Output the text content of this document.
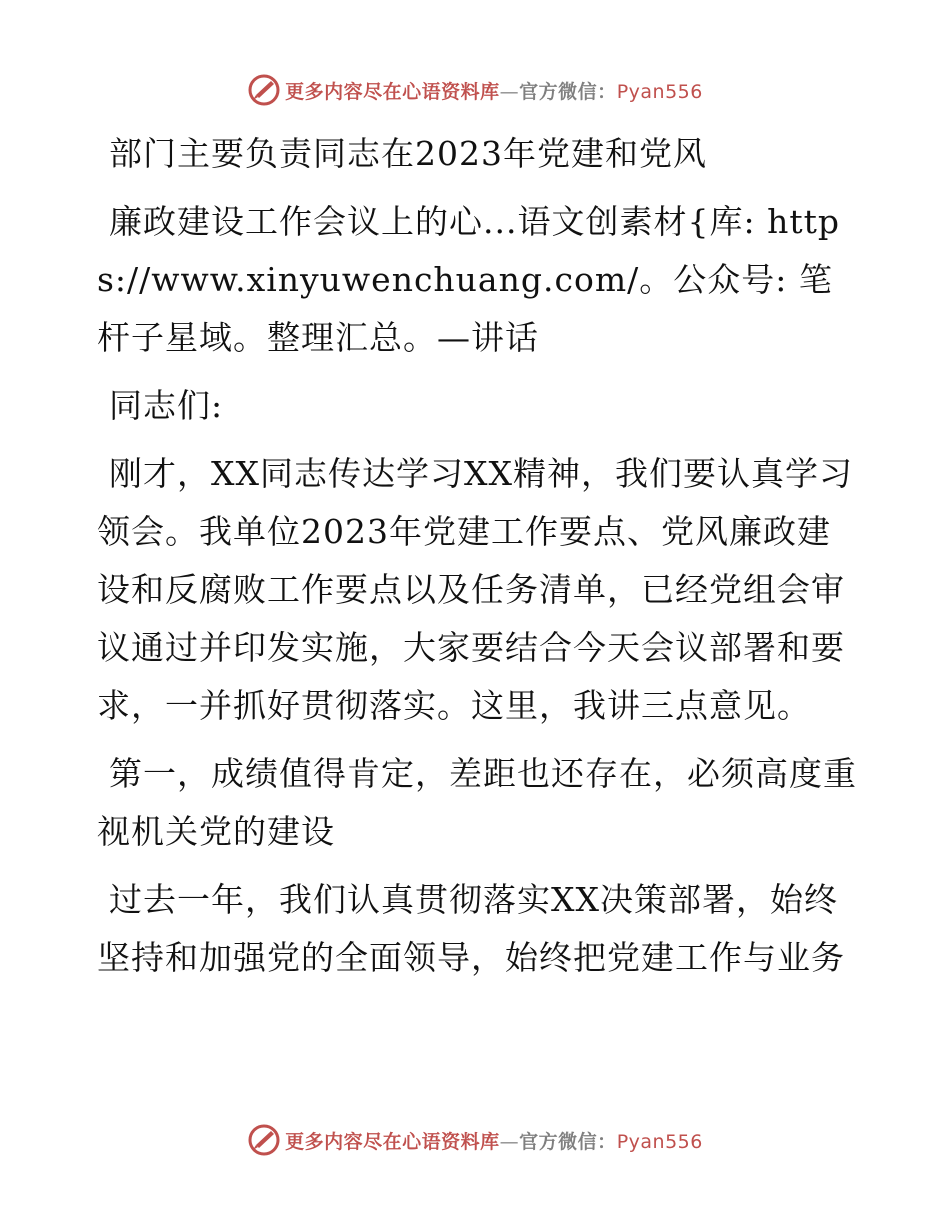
更多内容尽在心语资料库—官方微信：Pyan556

部门主要负责同志在2023年党建和党风

廉政建设工作会议上的心...语文创素材{库: https://www.xinyuwenchuang.com/。公众号: 笔杆子星域。整理汇总。—讲话

同志们:

刚才，XX同志传达学习XX精神，我们要认真学习领会。我单位2023年党建工作要点、党风廉政建设和反腐败工作要点以及任务清单，已经党组会审议通过并印发实施，大家要结合今天会议部署和要求，一并抓好贯彻落实。这里，我讲三点意见。

第一，成绩值得肯定，差距也还存在，必须高度重视机关党的建设

过去一年，我们认真贯彻落实XX决策部署，始终坚持和加强党的全面领导，始终把党建工作与业务

更多内容尽在心语资料库—官方微信：Pyan556
